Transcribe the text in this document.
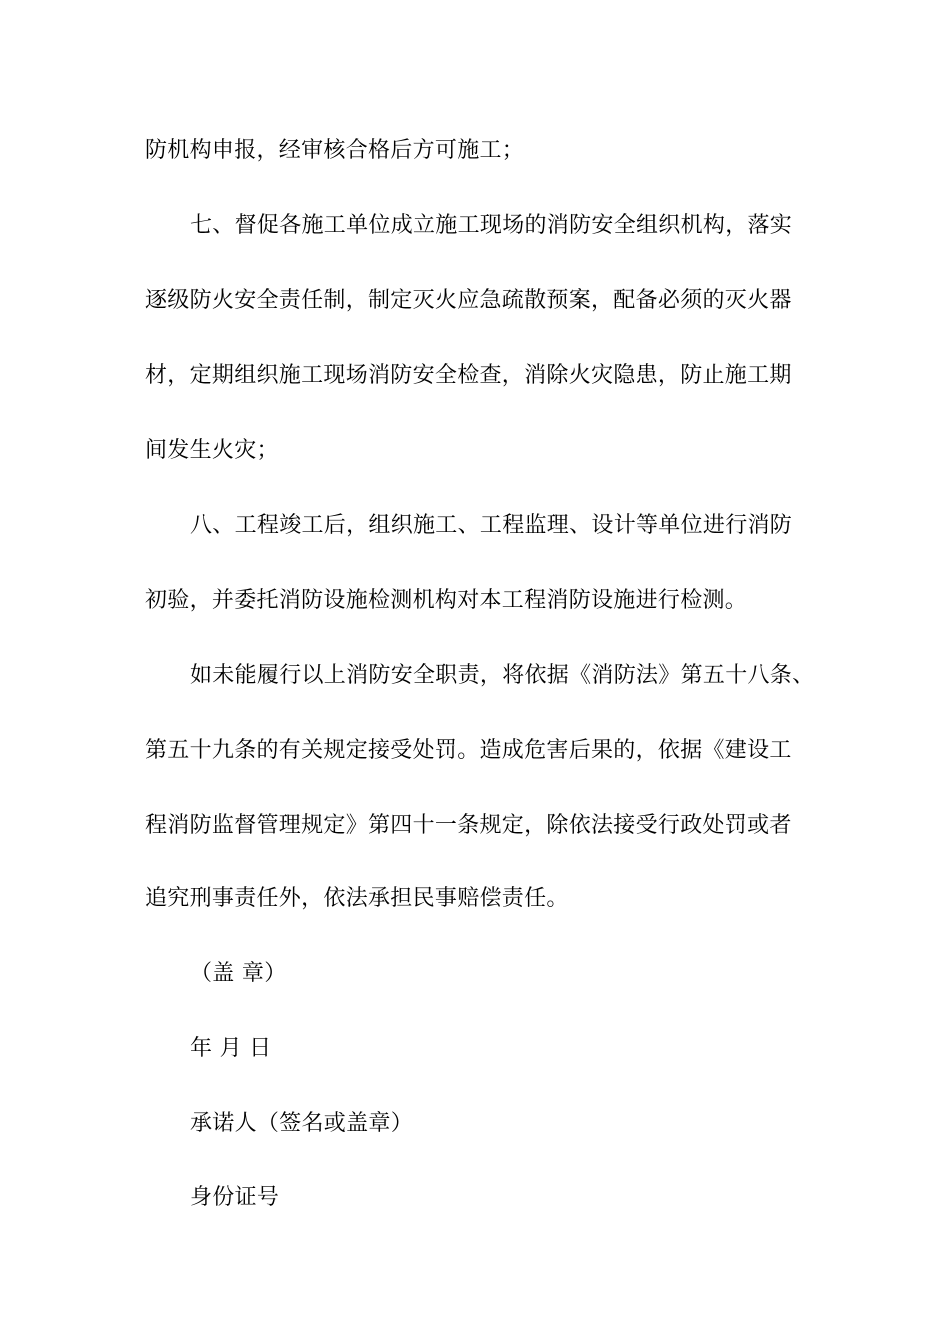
防机构申报，经审核合格后方可施工；
七、督促各施工单位成立施工现场的消防安全组织机构，落实
逐级防火安全责任制，制定灭火应急疏散预案，配备必须的灭火器
材，定期组织施工现场消防安全检查，消除火灾隐患，防止施工期
间发生火灾；
八、工程竣工后，组织施工、工程监理、设计等单位进行消防
初验，并委托消防设施检测机构对本工程消防设施进行检测。
如未能履行以上消防安全职责，将依据《消防法》第五十八条、
第五十九条的有关规定接受处罚。造成危害后果的，依据《建设工
程消防监督管理规定》第四十一条规定，除依法接受行政处罚或者
追究刑事责任外，依法承担民事赔偿责任。
（盖 章）
年 月 日
承诺人（签名或盖章）
身份证号
